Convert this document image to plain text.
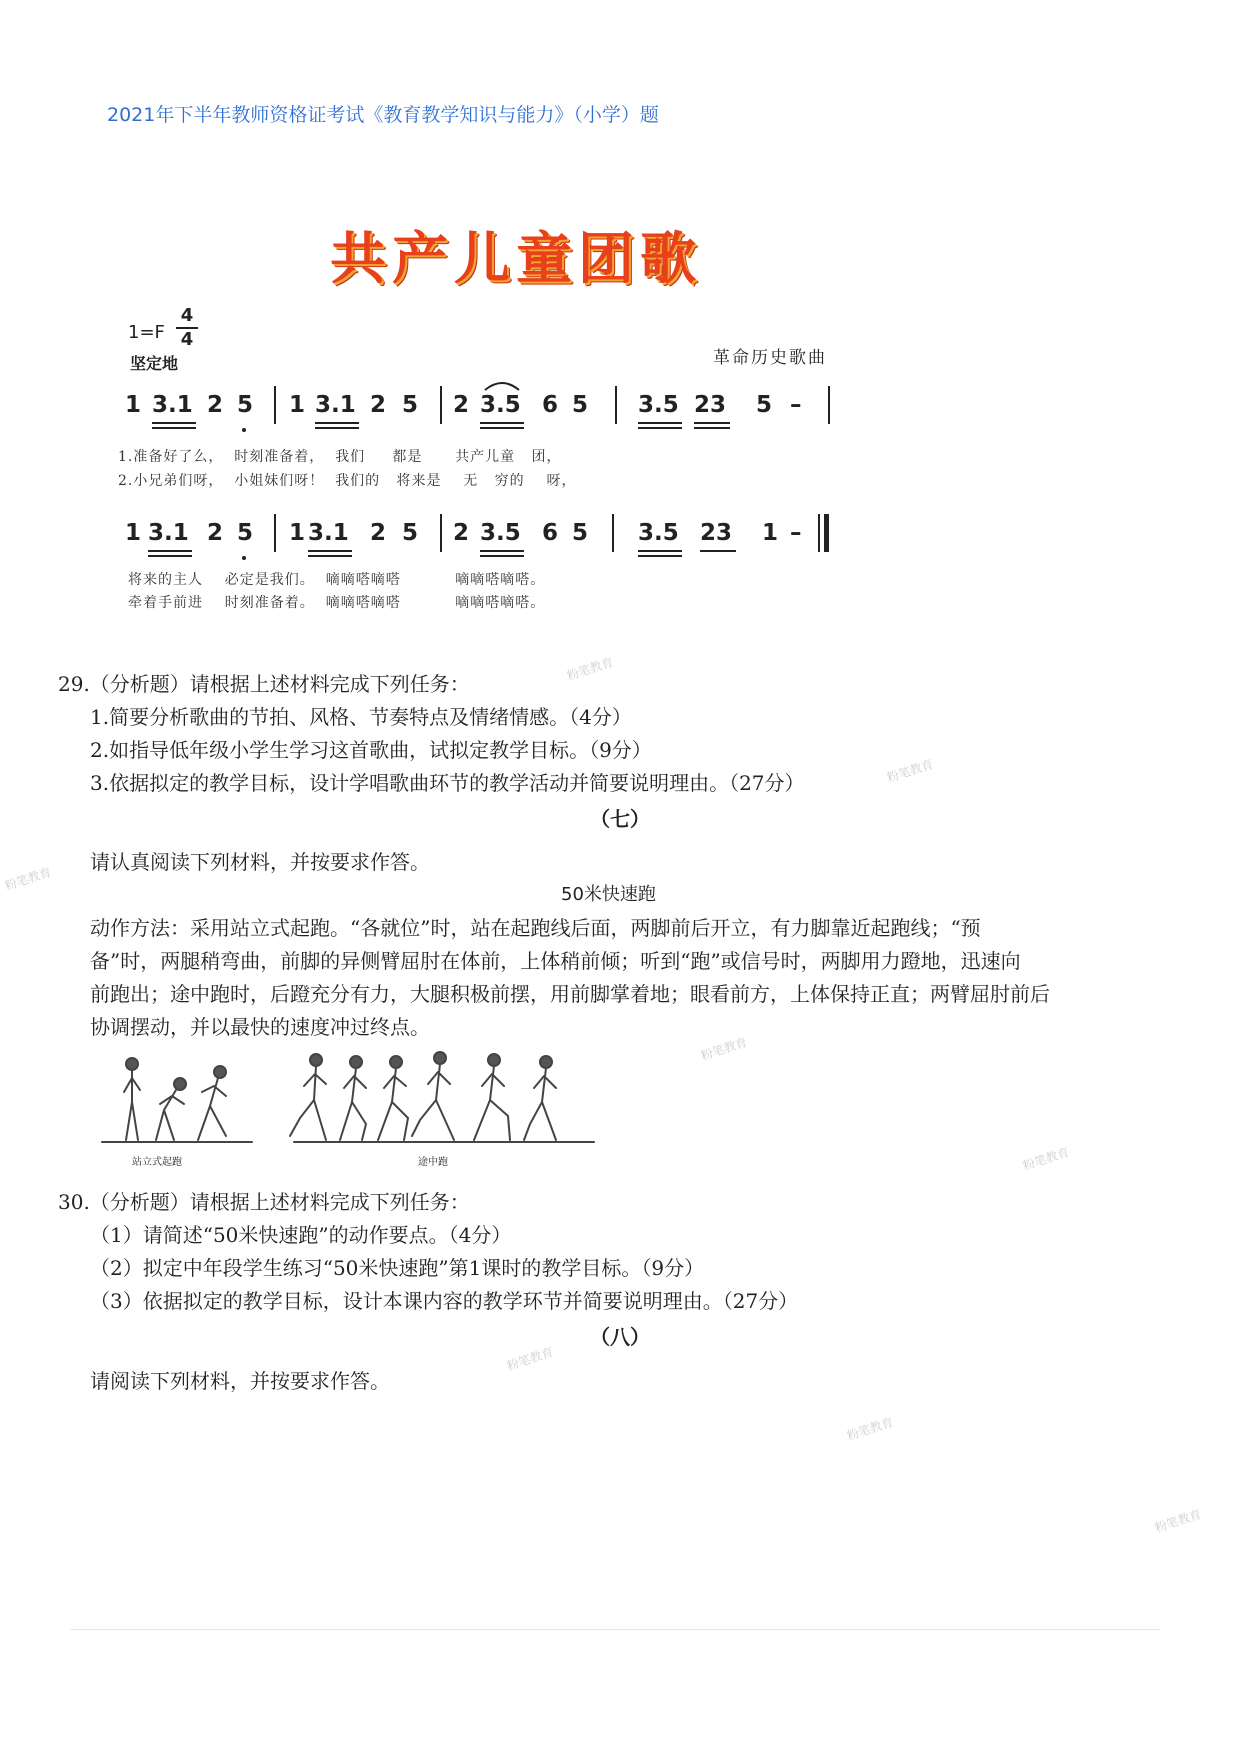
2021年下半年教师资格证考试《教育教学知识与能力》（小学）题
共产儿童团歌
1=F
4
4
坚定地	革命历史歌曲
1 3.1 2 5 1 3.1 2 5 2 3.5 6 5 3.5 23 5 –
1.准备好了么，  时刻准备着，  我们     都是      共产儿童   团，
2.小兄弟们呀，  小姐妹们呀！  我们的   将来是    无   穷的    呀，
1 3.1 2 5 1 3.1 2 5 2 3.5 6 5 3.5 23 1 –
将来的主人    必定是我们。  嘀嘀嗒嘀嗒          嘀嘀嗒嘀嗒。
牵着手前进    时刻准备着。  嘀嘀嗒嘀嗒          嘀嘀嗒嘀嗒。
29.（分析题）请根据上述材料完成下列任务：
1.简要分析歌曲的节拍、风格、节奏特点及情绪情感。（4分）
2.如指导低年级小学生学习这首歌曲，试拟定教学目标。（9分）
3.依据拟定的教学目标，设计学唱歌曲环节的教学活动并简要说明理由。（27分）
（七）
请认真阅读下列材料，并按要求作答。
50米快速跑
动作方法：采用站立式起跑。“各就位”时，站在起跑线后面，两脚前后开立，有力脚靠近起跑线；“预
备”时，两腿稍弯曲，前脚的异侧臂屈肘在体前，上体稍前倾；听到“跑”或信号时，两脚用力蹬地，迅速向
前跑出；途中跑时，后蹬充分有力，大腿积极前摆，用前脚掌着地；眼看前方，上体保持正直；两臂屈肘前后
协调摆动，并以最快的速度冲过终点。
站立式起跑	途中跑
30.（分析题）请根据上述材料完成下列任务：
（1）请简述“50米快速跑”的动作要点。（4分）
（2）拟定中年段学生练习“50米快速跑”第1课时的教学目标。（9分）
（3）依据拟定的教学目标，设计本课内容的教学环节并简要说明理由。（27分）
（八）
请阅读下列材料，并按要求作答。
粉笔教育
粉笔教育
粉笔教育
粉笔教育
粉笔教育
粉笔教育
粉笔教育
粉笔教育
